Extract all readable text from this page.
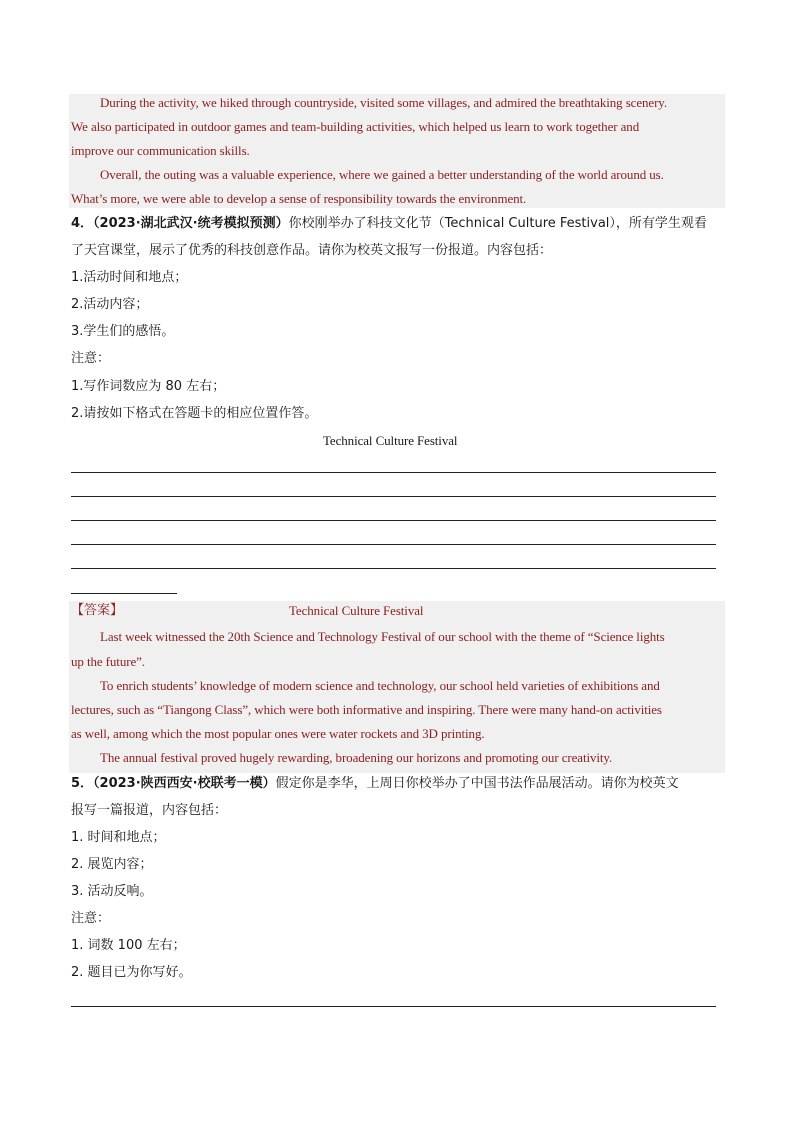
During the activity, we hiked through countryside, visited some villages, and admired the breathtaking scenery.
We also participated in outdoor games and team-building activities, which helped us learn to work together and
improve our communication skills.
Overall, the outing was a valuable experience, where we gained a better understanding of the world around us.
What’s more, we were able to develop a sense of responsibility towards the environment.
4．（2023·湖北武汉·统考模拟预测）你校刚举办了科技文化节（Technical Culture Festival），所有学生观看
了天宫课堂，展示了优秀的科技创意作品。请你为校英文报写一份报道。内容包括：
1.活动时间和地点；
2.活动内容；
3.学生们的感悟。
注意：
1.写作词数应为 80 左右；
2.请按如下格式在答题卡的相应位置作答。
Technical Culture Festival
【答案】	Technical Culture Festival
Last week witnessed the 20th Science and Technology Festival of our school with the theme of “Science lights
up the future”.
To enrich students’ knowledge of modern science and technology, our school held varieties of exhibitions and
lectures, such as “Tiangong Class”, which were both informative and inspiring. There were many hand-on activities
as well, among which the most popular ones were water rockets and 3D printing.
The annual festival proved hugely rewarding, broadening our horizons and promoting our creativity.
5．（2023·陕西西安·校联考一模）假定你是李华，上周日你校举办了中国书法作品展活动。请你为校英文
报写一篇报道，内容包括：
1. 时间和地点；
2. 展览内容；
3. 活动反响。
注意：
1. 词数 100 左右；
2. 题目已为你写好。
